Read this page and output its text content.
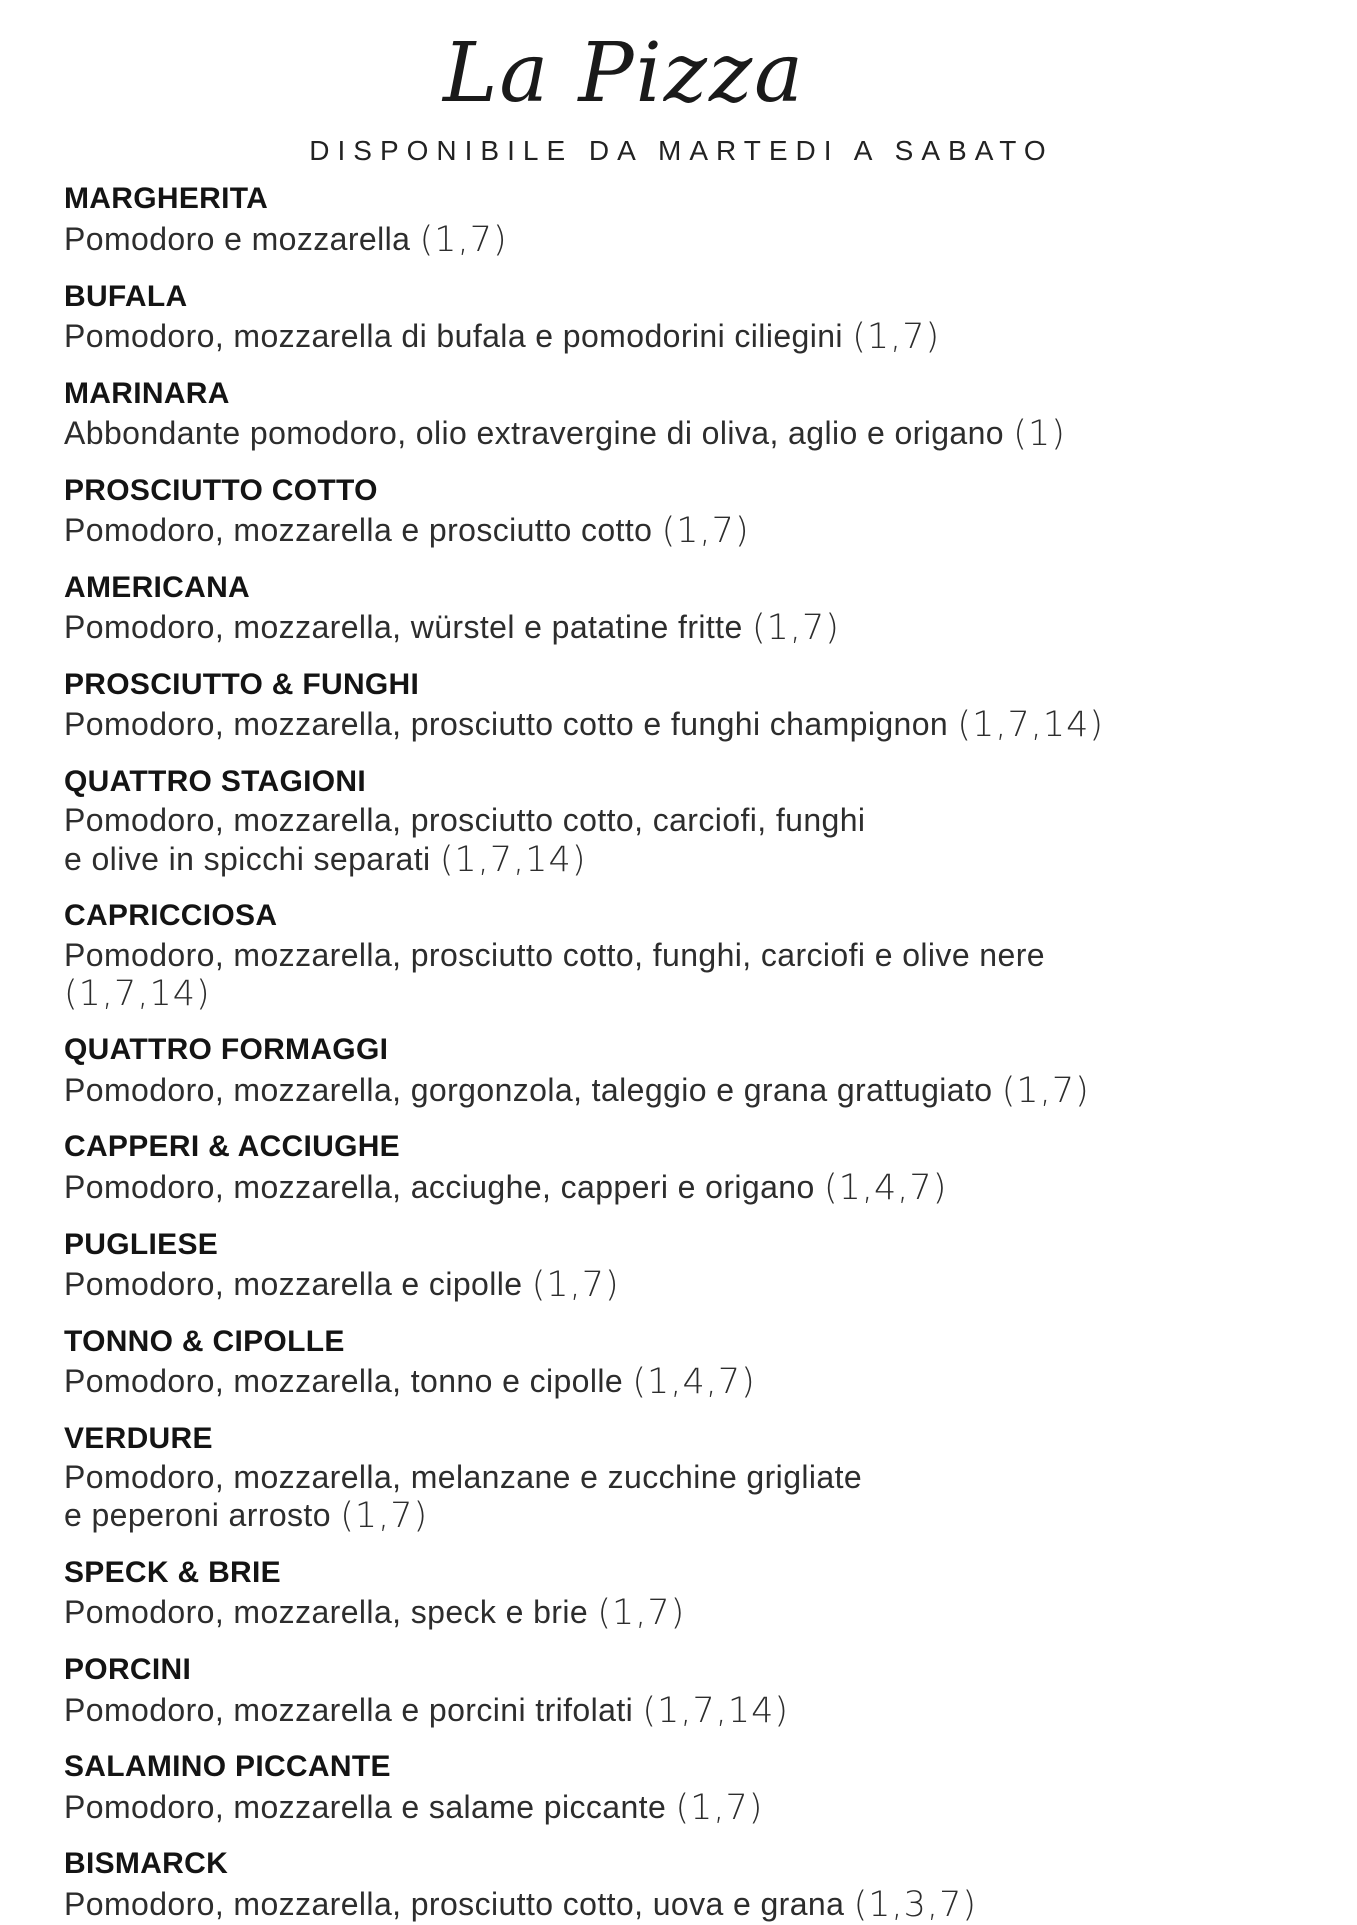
La Pizza
DISPONIBILE DA MARTEDI A SABATO
MARGHERITA
Pomodoro e mozzarella (1,7)
BUFALA
Pomodoro, mozzarella di bufala e pomodorini ciliegini (1,7)
MARINARA
Abbondante pomodoro, olio extravergine di oliva, aglio e origano (1)
PROSCIUTTO COTTO
Pomodoro, mozzarella e prosciutto cotto (1,7)
AMERICANA
Pomodoro, mozzarella, würstel e patatine fritte (1,7)
PROSCIUTTO & FUNGHI
Pomodoro, mozzarella, prosciutto cotto e funghi champignon (1,7,14)
QUATTRO STAGIONI
Pomodoro, mozzarella, prosciutto cotto, carciofi, funghi
e olive in spicchi separati (1,7,14)
CAPRICCIOSA
Pomodoro, mozzarella, prosciutto cotto, funghi, carciofi e olive nere
(1,7,14)
QUATTRO FORMAGGI
Pomodoro, mozzarella, gorgonzola, taleggio e grana grattugiato (1,7)
CAPPERI & ACCIUGHE
Pomodoro, mozzarella, acciughe, capperi e origano (1,4,7)
PUGLIESE
Pomodoro, mozzarella e cipolle (1,7)
TONNO & CIPOLLE
Pomodoro, mozzarella, tonno e cipolle (1,4,7)
VERDURE
Pomodoro, mozzarella, melanzane e zucchine grigliate
e peperoni arrosto (1,7)
SPECK & BRIE
Pomodoro, mozzarella, speck e brie (1,7)
PORCINI
Pomodoro, mozzarella e porcini trifolati (1,7,14)
SALAMINO PICCANTE
Pomodoro, mozzarella e salame piccante (1,7)
BISMARCK
Pomodoro, mozzarella, prosciutto cotto, uova e grana (1,3,7)
